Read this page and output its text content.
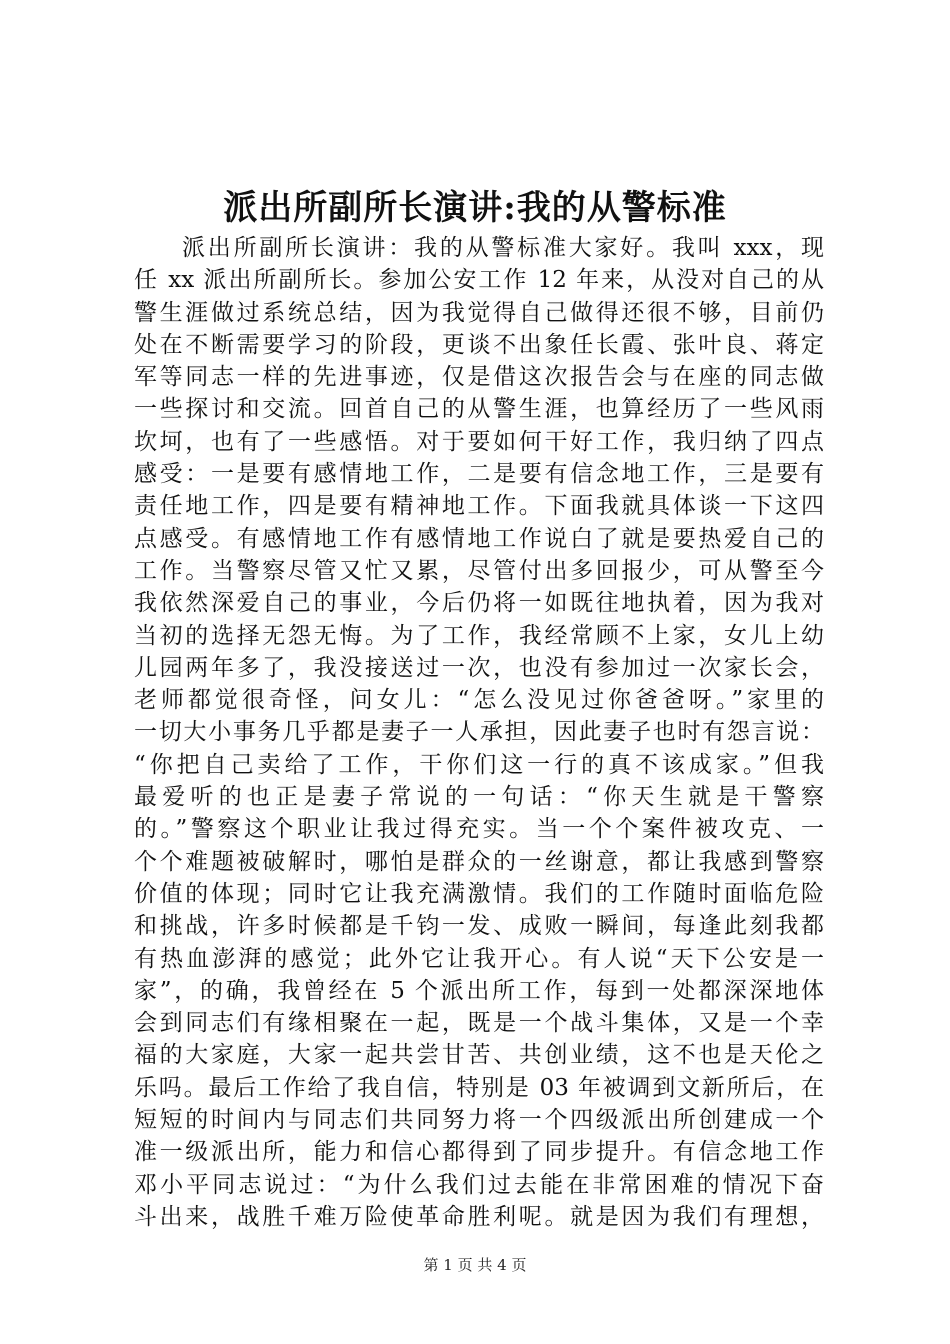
派出所副所长演讲:我的从警标准
派出所副所长演讲：我的从警标准大家好。我叫 xxx，现
任 xx 派出所副所长。参加公安工作 12 年来，从没对自己的从
警生涯做过系统总结，因为我觉得自己做得还很不够，目前仍
处在不断需要学习的阶段，更谈不出象任长霞、张叶良、蒋定
军等同志一样的先进事迹，仅是借这次报告会与在座的同志做
一些探讨和交流。回首自己的从警生涯，也算经历了一些风雨
坎坷，也有了一些感悟。对于要如何干好工作，我归纳了四点
感受：一是要有感情地工作，二是要有信念地工作，三是要有
责任地工作，四是要有精神地工作。下面我就具体谈一下这四
点感受。有感情地工作有感情地工作说白了就是要热爱自己的
工作。当警察尽管又忙又累，尽管付出多回报少，可从警至今
我依然深爱自己的事业，今后仍将一如既往地执着，因为我对
当初的选择无怨无悔。为了工作，我经常顾不上家，女儿上幼
儿园两年多了，我没接送过一次，也没有参加过一次家长会，
老师都觉很奇怪，问女儿：“怎么没见过你爸爸呀。”家里的
一切大小事务几乎都是妻子一人承担，因此妻子也时有怨言说：
“你把自己卖给了工作，干你们这一行的真不该成家。”但我
最爱听的也正是妻子常说的一句话：“你天生就是干警察
的。”警察这个职业让我过得充实。当一个个案件被攻克、一
个个难题被破解时，哪怕是群众的一丝谢意，都让我感到警察
价值的体现；同时它让我充满激情。我们的工作随时面临危险
和挑战，许多时候都是千钧一发、成败一瞬间，每逢此刻我都
有热血澎湃的感觉；此外它让我开心。有人说“天下公安是一
家”，的确，我曾经在 5 个派出所工作，每到一处都深深地体
会到同志们有缘相聚在一起，既是一个战斗集体，又是一个幸
福的大家庭，大家一起共尝甘苦、共创业绩，这不也是天伦之
乐吗。最后工作给了我自信，特别是 03 年被调到文新所后，在
短短的时间内与同志们共同努力将一个四级派出所创建成一个
准一级派出所，能力和信心都得到了同步提升。有信念地工作
邓小平同志说过：“为什么我们过去能在非常困难的情况下奋
斗出来，战胜千难万险使革命胜利呢。就是因为我们有理想，
第 1 页 共 4 页
